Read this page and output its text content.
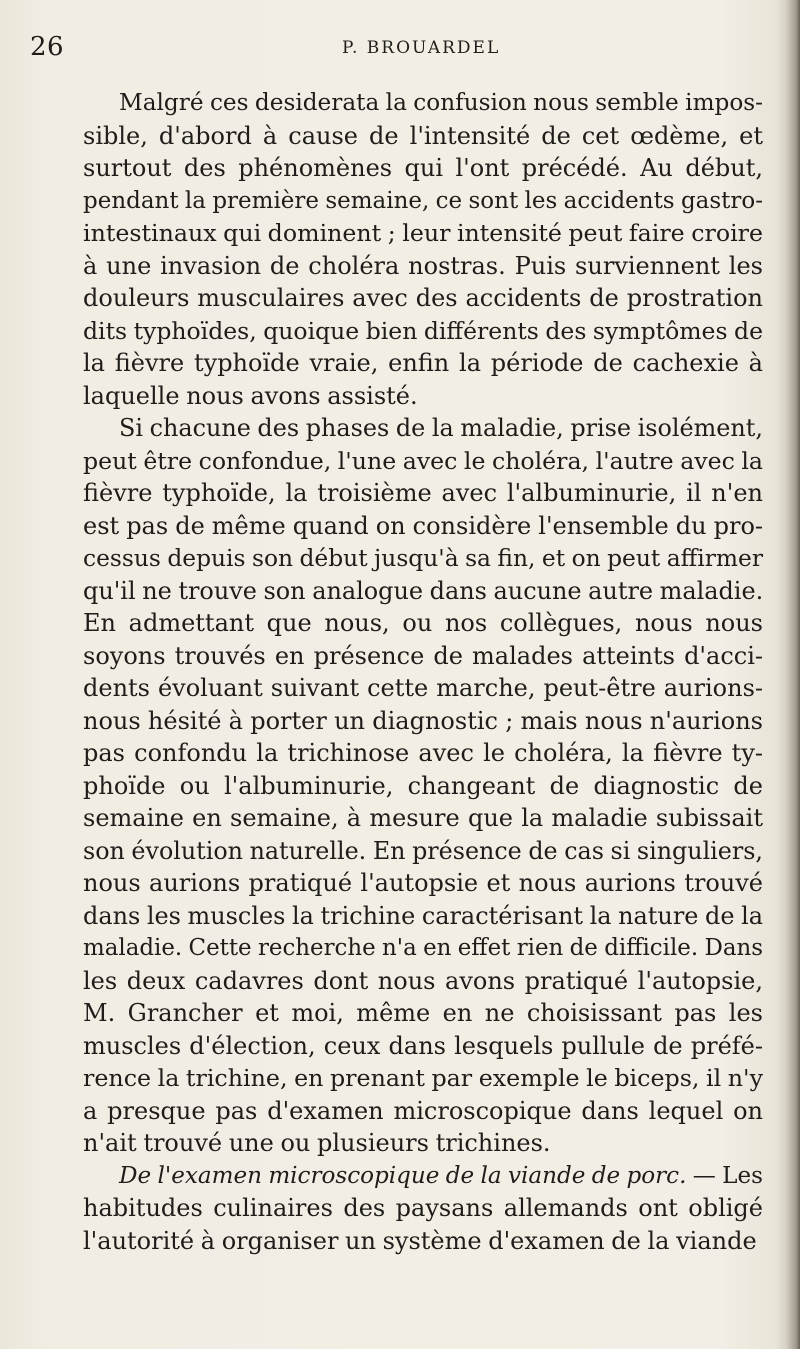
26	P. BROUARDEL
Malgré ces desiderata la confusion nous semble impos-
sible, d'abord à cause de l'intensité de cet œdème, et
surtout des phénomènes qui l'ont précédé. Au début,
pendant la première semaine, ce sont les accidents gastro-
intestinaux qui dominent ; leur intensité peut faire croire
à une invasion de choléra nostras. Puis surviennent les
douleurs musculaires avec des accidents de prostration
dits typhoïdes, quoique bien différents des symptômes de
la fièvre typhoïde vraie, enfin la période de cachexie à
laquelle nous avons assisté.
Si chacune des phases de la maladie, prise isolément,
peut être confondue, l'une avec le choléra, l'autre avec la
fièvre typhoïde, la troisième avec l'albuminurie, il n'en
est pas de même quand on considère l'ensemble du pro-
cessus depuis son début jusqu'à sa fin, et on peut affirmer
qu'il ne trouve son analogue dans aucune autre maladie.
En admettant que nous, ou nos collègues, nous nous
soyons trouvés en présence de malades atteints d'acci-
dents évoluant suivant cette marche, peut-être aurions-
nous hésité à porter un diagnostic ; mais nous n'aurions
pas confondu la trichinose avec le choléra, la fièvre ty-
phoïde ou l'albuminurie, changeant de diagnostic de
semaine en semaine, à mesure que la maladie subissait
son évolution naturelle. En présence de cas si singuliers,
nous aurions pratiqué l'autopsie et nous aurions trouvé
dans les muscles la trichine caractérisant la nature de la
maladie. Cette recherche n'a en effet rien de difficile. Dans
les deux cadavres dont nous avons pratiqué l'autopsie,
M. Grancher et moi, même en ne choisissant pas les
muscles d'élection, ceux dans lesquels pullule de préfé-
rence la trichine, en prenant par exemple le biceps, il n'y
a presque pas d'examen microscopique dans lequel on
n'ait trouvé une ou plusieurs trichines.
De l'examen microscopique de la viande de porc. — Les
habitudes culinaires des paysans allemands ont obligé
l'autorité à organiser un système d'examen de la viande
